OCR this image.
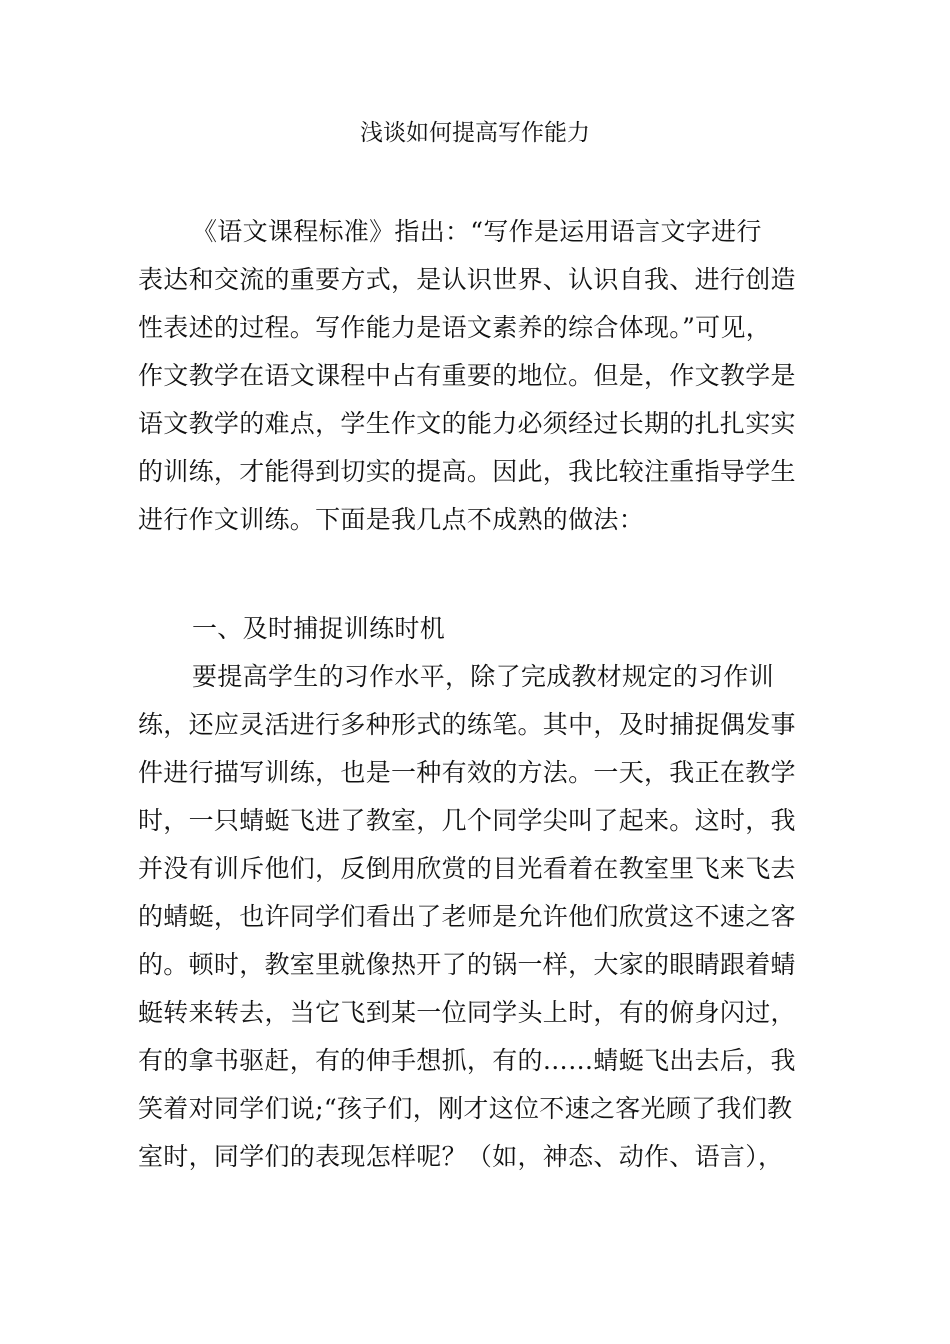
浅谈如何提高写作能力
《语文课程标准》指出：“写作是运用语言文字进行
表达和交流的重要方式，是认识世界、认识自我、进行创造
性表述的过程。写作能力是语文素养的综合体现。”可见，
作文教学在语文课程中占有重要的地位。但是，作文教学是
语文教学的难点，学生作文的能力必须经过长期的扎扎实实
的训练，才能得到切实的提高。因此，我比较注重指导学生
进行作文训练。下面是我几点不成熟的做法：
一、及时捕捉训练时机
要提高学生的习作水平，除了完成教材规定的习作训
练，还应灵活进行多种形式的练笔。其中，及时捕捉偶发事
件进行描写训练，也是一种有效的方法。一天，我正在教学
时，一只蜻蜓飞进了教室，几个同学尖叫了起来。这时，我
并没有训斥他们，反倒用欣赏的目光看着在教室里飞来飞去
的蜻蜓，也许同学们看出了老师是允许他们欣赏这不速之客
的。顿时，教室里就像热开了的锅一样，大家的眼睛跟着蜻
蜓转来转去，当它飞到某一位同学头上时，有的俯身闪过，
有的拿书驱赶，有的伸手想抓，有的……蜻蜓飞出去后，我
笑着对同学们说;“孩子们，刚才这位不速之客光顾了我们教
室时，同学们的表现怎样呢？（如，神态、动作、语言），
